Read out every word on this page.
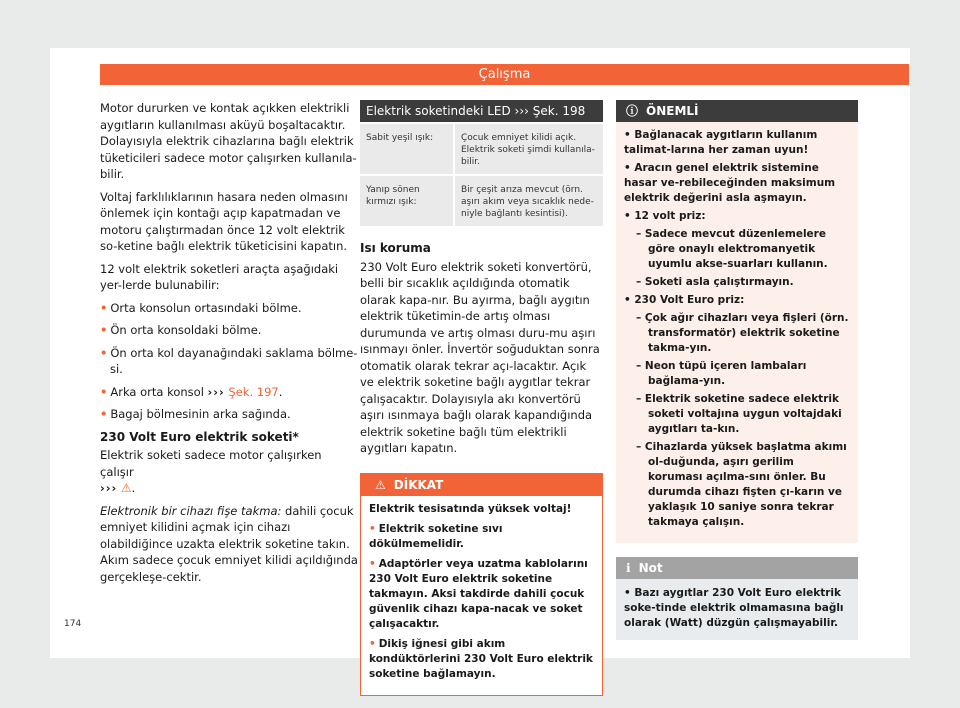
Çalışma

Motor dururken ve kontak açıkken elektrikli aygıtların kullanılması aküyü boşaltacaktır. Dolayısıyla elektrik cihazlarına bağlı elektrik tüketicileri sadece motor çalışırken kullanıla-bilir.

Voltaj farklılıklarının hasara neden olmasını önlemek için kontağı açıp kapatmadan ve motoru çalıştırmadan önce 12 volt elektrik so-ketine bağlı elektrik tüketicisini kapatın.

12 volt elektrik soketleri araçta aşağıdaki yer-lerde bulunabilir:

• Orta konsolun ortasındaki bölme.
• Ön orta konsoldaki bölme.
• Ön orta kol dayanağındaki saklama bölme-si.
• Arka orta konsol ››› Şek. 197.
• Bagaj bölmesinin arka sağında.
230 Volt Euro elektrik soketi*

Elektrik soketi sadece motor çalışırken çalışır
››› ⚠.

Elektronik bir cihazı fişe takma: dahili çocuk emniyet kilidini açmak için cihazı olabildiğince uzakta elektrik soketine takın. Akım sadece çocuk emniyet kilidi açıldığında gerçekleşe-cektir.

Elektrik soketindeki LED ››› Şek. 198
Sabit yeşil ışık:	Çocuk emniyet kilidi açık. Elektrik soketi şimdi kullanıla-bilir.
Yanıp sönen kırmızı ışık:
Bir çeşit arıza mevcut (örn. aşırı akım veya sıcaklık nede-niyle bağlantı kesintisi).
Isı koruma

230 Volt Euro elektrik soketi konvertörü, belli bir sıcaklık açıldığında otomatik olarak kapa-nır. Bu ayırma, bağlı aygıtın elektrik tüketimin-de artış olması durumunda ve artış olması duru-mu aşırı ısınmayı önler. İnvertör soğuduktan sonra otomatik olarak tekrar açı-lacaktır. Açık ve elektrik soketine bağlı aygıtlar tekrar çalışacaktır. Dolayısıyla akı konvertörü aşırı ısınmaya bağlı olarak kapandığında elektrik soketine bağlı tüm elektrikli aygıtları kapatın.

⚠ DİKKAT

Elektrik tesisatında yüksek voltaj!

• Elektrik soketine sıvı dökülmemelidir.

• Adaptörler veya uzatma kablolarını 230 Volt Euro elektrik soketine takmayın. Aksi takdirde dahili çocuk güvenlik cihazı kapa-nacak ve soket çalışacaktır.

• Dikiş iğnesi gibi akım kondüktörlerini 230 Volt Euro elektrik soketine bağlamayın.

ⓘ ÖNEMLİ

• Bağlanacak aygıtların kullanım talimat-larına her zaman uyun!

• Aracın genel elektrik sistemine hasar ve-rebileceğinden maksimum elektrik değerini asla aşmayın.

• 12 volt priz:

– Sadece mevcut düzenlemelere göre onaylı elektromanyetik uyumlu akse-suarları kullanın.

– Soketi asla çalıştırmayın.

• 230 Volt Euro priz:

– Çok ağır cihazları veya fişleri (örn. transformatör) elektrik soketine takma-yın.

– Neon tüpü içeren lambaları bağlama-yın.

– Elektrik soketine sadece elektrik soketi voltajına uygun voltajdaki aygıtları ta-kın.

– Cihazlarda yüksek başlatma akımı ol-duğunda, aşırı gerilim koruması açılma-sını önler. Bu durumda cihazı fişten çı-karın ve yaklaşık 10 saniye sonra tekrar takmaya çalışın.

ℹ Not
• Bazı aygıtlar 230 Volt Euro elektrik soke-tinde elektrik olmamasına bağlı olarak (Watt) düzgün çalışmayabilir.
174
